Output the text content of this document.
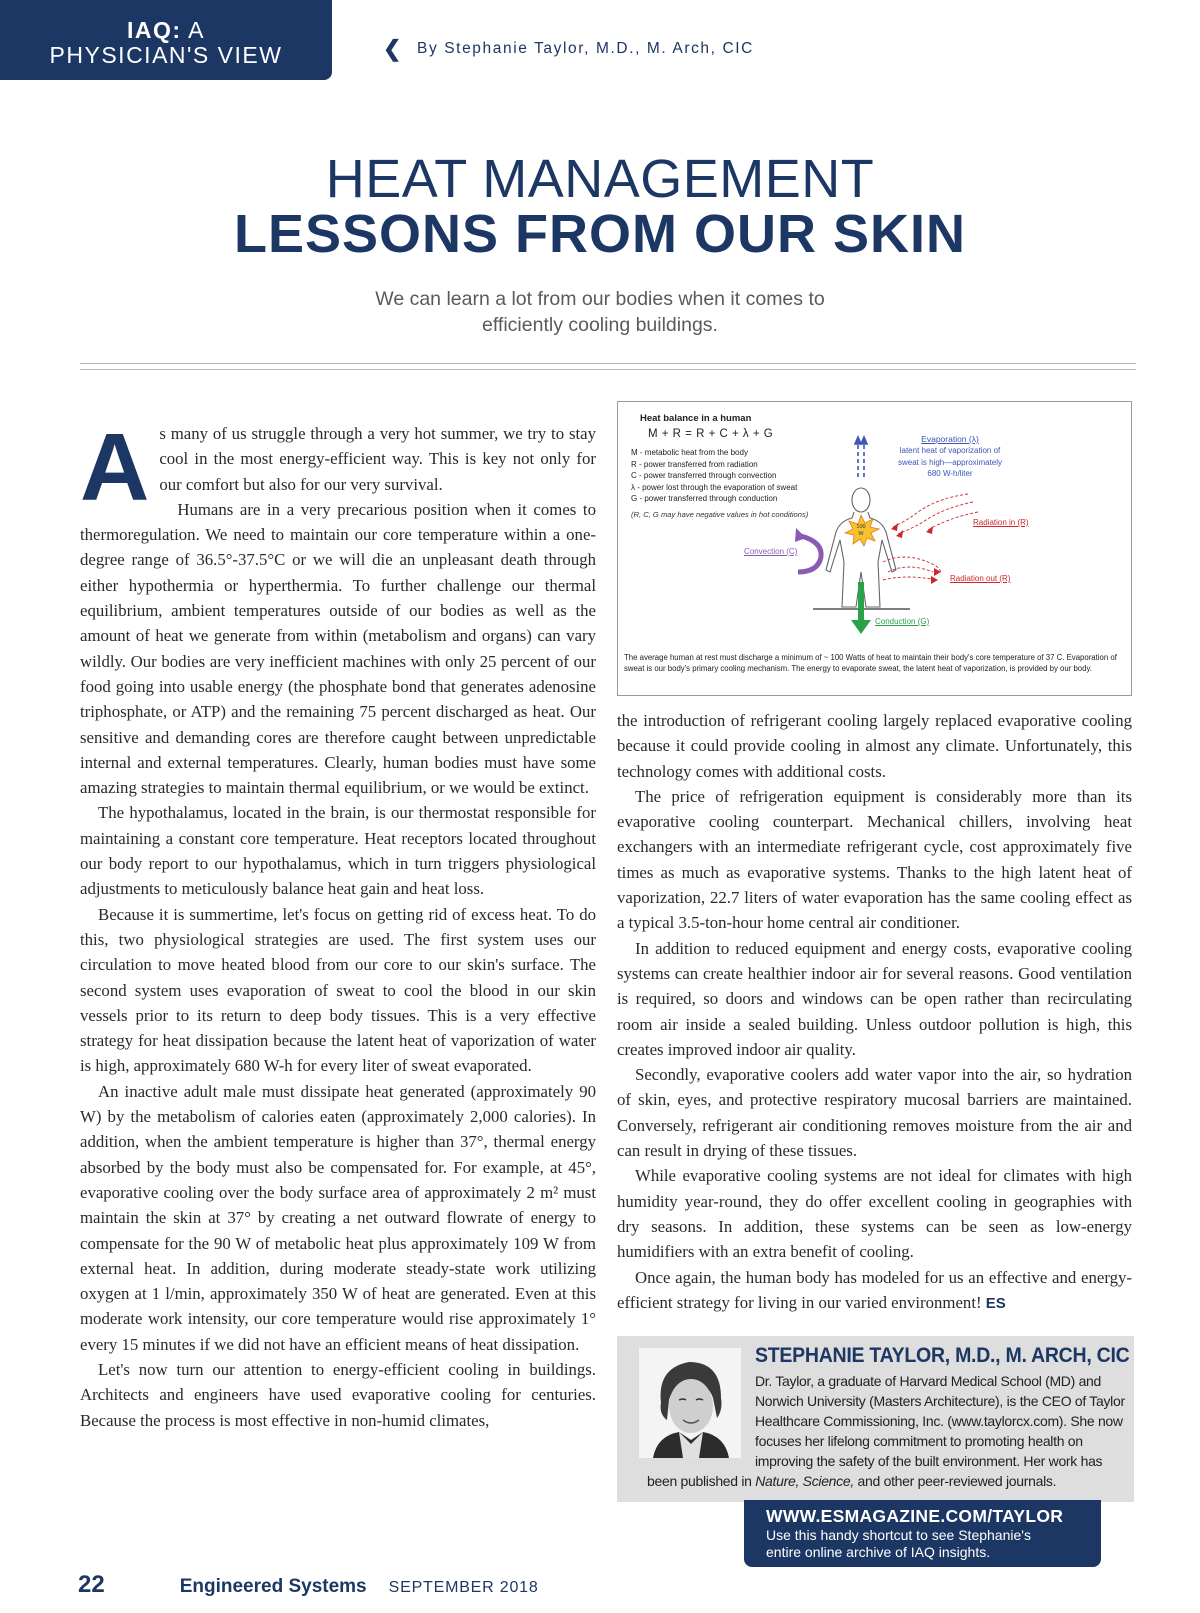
IAQ: A
PHYSICIAN'S VIEW	❮ By Stephanie Taylor, M.D., M. Arch, CIC
HEAT MANAGEMENT
LESSONS FROM OUR SKIN
We can learn a lot from our bodies when it comes to
efficiently cooling buildings.
A s many of us struggle through a very hot summer, we try to stay cool in the most energy-efficient way. This is key not only for our comfort but also for our very survival.

Humans are in a very precarious position when it comes to thermoregulation. We need to maintain our core temperature within a one-degree range of 36.5°-37.5°C or we will die an unpleasant death through either hypothermia or hyperthermia. To further challenge our thermal equilibrium, ambient temperatures outside of our bodies as well as the amount of heat we generate from within (metabolism and organs) can vary wildly. Our bodies are very inefficient machines with only 25 percent of our food going into usable energy (the phosphate bond that generates adenosine triphosphate, or ATP) and the remaining 75 percent discharged as heat. Our sensitive and demanding cores are therefore caught between unpredictable internal and external temperatures. Clearly, human bodies must have some amazing strategies to maintain thermal equilibrium, or we would be extinct.

The hypothalamus, located in the brain, is our thermostat responsible for maintaining a constant core temperature. Heat receptors located throughout our body report to our hypothalamus, which in turn triggers physiological adjustments to meticulously balance heat gain and heat loss.

Because it is summertime, let's focus on getting rid of excess heat. To do this, two physiological strategies are used. The first system uses our circulation to move heated blood from our core to our skin's surface. The second system uses evaporation of sweat to cool the blood in our skin vessels prior to its return to deep body tissues. This is a very effective strategy for heat dissipation because the latent heat of vaporization of water is high, approximately 680 W-h for every liter of sweat evaporated.

An inactive adult male must dissipate heat generated (approximately 90 W) by the metabolism of calories eaten (approximately 2,000 calories). In addition, when the ambient temperature is higher than 37°, thermal energy absorbed by the body must also be compensated for. For example, at 45°, evaporative cooling over the body surface area of approximately 2 m² must maintain the skin at 37° by creating a net outward flowrate of energy to compensate for the 90 W of metabolic heat plus approximately 109 W from external heat. In addition, during moderate steady-state work utilizing oxygen at 1 l/min, approximately 350 W of heat are generated. Even at this moderate work intensity, our core temperature would rise approximately 1° every 15 minutes if we did not have an efficient means of heat dissipation.

Let's now turn our attention to energy-efficient cooling in buildings. Architects and engineers have used evaporative cooling for centuries. Because the process is most effective in non-humid climates,

100
W
Heat balance in a human
M + R = R + C + λ + G
M - metabolic heat from the body
R - power transferred from radiation
C - power transferred through convection
λ - power lost through the evaporation of sweat
G - power transferred through conduction
(R, C, G may have negative values in hot conditions)
Evaporation (λ)
latent heat of vaporization of
sweat is high—approximately
680 W-h/liter
Radiation in (R)
Radiation out (R)
Convection (C)
Conduction (G)
The average human at rest must discharge a minimum of ~ 100 Watts of heat to maintain their body's core temperature of 37 C. Evaporation of sweat is our body's primary cooling mechanism. The energy to evaporate sweat, the latent heat of vaporization, is provided by our body.

the introduction of refrigerant cooling largely replaced evaporative cooling because it could provide cooling in almost any climate. Unfortunately, this technology comes with additional costs.

The price of refrigeration equipment is considerably more than its evaporative cooling counterpart. Mechanical chillers, involving heat exchangers with an intermediate refrigerant cycle, cost approximately five times as much as evaporative systems. Thanks to the high latent heat of vaporization, 22.7 liters of water evaporation has the same cooling effect as a typical 3.5-ton-hour home central air conditioner.

In addition to reduced equipment and energy costs, evaporative cooling systems can create healthier indoor air for several reasons. Good ventilation is required, so doors and windows can be open rather than recirculating room air inside a sealed building. Unless outdoor pollution is high, this creates improved indoor air quality.

Secondly, evaporative coolers add water vapor into the air, so hydration of skin, eyes, and protective respiratory mucosal barriers are maintained. Conversely, refrigerant air conditioning removes moisture from the air and can result in drying of these tissues.

While evaporative cooling systems are not ideal for climates with high humidity year-round, they do offer excellent cooling in geographies with dry seasons. In addition, these systems can be seen as low-energy humidifiers with an extra benefit of cooling.

Once again, the human body has modeled for us an effective and energy-efficient strategy for living in our varied environment! ES

STEPHANIE TAYLOR, M.D., M. ARCH, CIC
Dr. Taylor, a graduate of Harvard Medical School (MD) and
Norwich University (Masters Architecture), is the CEO of Taylor
Healthcare Commissioning, Inc. (www.taylorcx.com). She now
focuses her lifelong commitment to promoting health on
improving the safety of the built environment. Her work has
been published in Nature, Science, and other peer-reviewed journals.
WWW.ESMAGAZINE.COM/TAYLOR
Use this handy shortcut to see Stephanie's
entire online archive of IAQ insights.
22	Engineered Systems SEPTEMBER 2018
